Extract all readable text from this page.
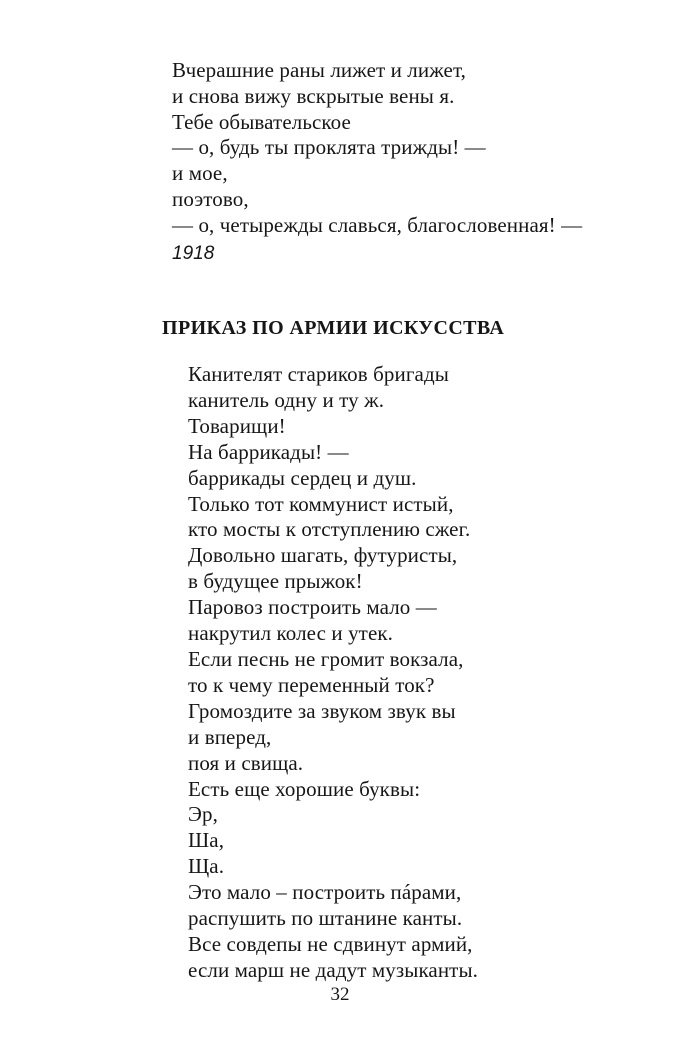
Вчерашние раны лижет и лижет,
и снова вижу вскрытые вены я.
Тебе обывательское
— о, будь ты проклята трижды! —
и мое,
поэтово,
— о, четырежды славься, благословенная! —
1918
ПРИКАЗ ПО АРМИИ ИСКУССТВА
Канителят стариков бригады
канитель одну и ту ж.
Товарищи!
На баррикады! —
баррикады сердец и душ.
Только тот коммунист истый,
кто мосты к отступлению сжег.
Довольно шагать, футуристы,
в будущее прыжок!
Паровоз построить мало —
накрутил колес и утек.
Если песнь не громит вокзала,
то к чему переменный ток?
Громоздите за звуком звук вы
и вперед,
поя и свища.
Есть еще хорошие буквы:
Эр,
Ша,
Ща.
Это мало – построить пáрами,
распушить по штанине канты.
Все совдепы не сдвинут армий,
если марш не дадут музыканты.
32
